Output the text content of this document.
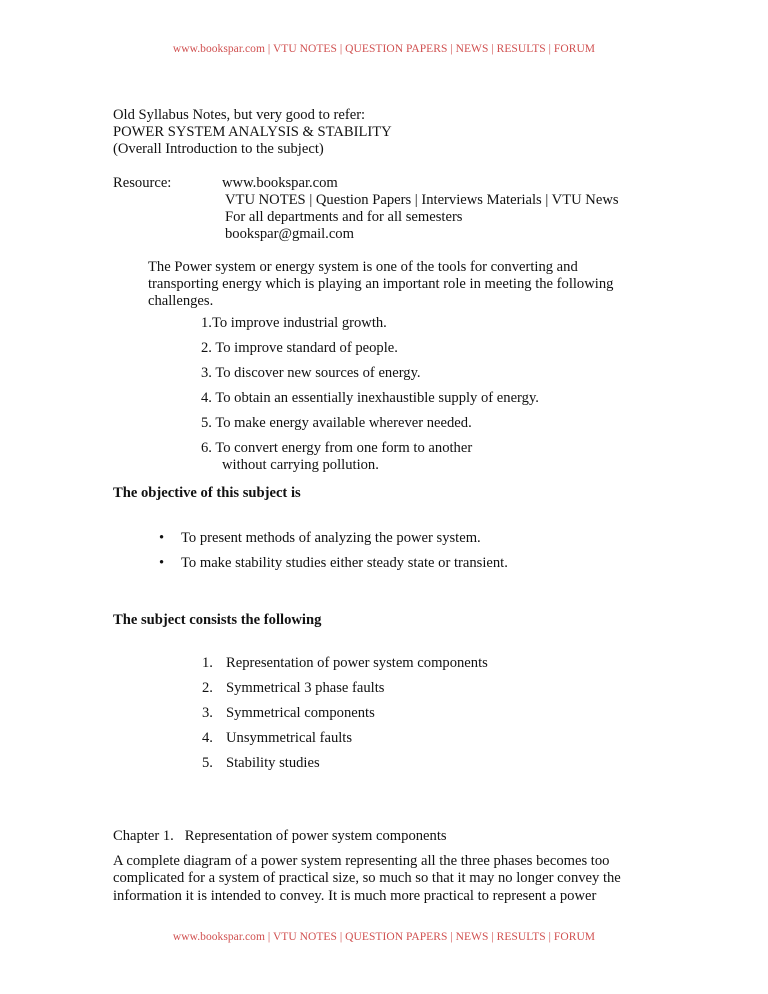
www.bookspar.com | VTU NOTES | QUESTION PAPERS | NEWS | RESULTS | FORUM
Old Syllabus Notes, but very good to refer:
POWER SYSTEM ANALYSIS & STABILITY
(Overall Introduction to the subject)
Resource:	www.bookspar.com
VTU NOTES | Question Papers | Interviews Materials | VTU News
For all departments and for all semesters
bookspar@gmail.com
The Power system or energy system is one of the tools for converting and transporting energy which is playing an important role in meeting the following challenges.
1.To improve industrial growth.
2. To improve standard of people.
3. To discover new sources of energy.
4. To obtain an essentially inexhaustible supply of energy.
5. To make energy available wherever needed.
6. To convert energy from one form to another
without carrying pollution.
The objective of this subject is
• To present methods of analyzing the power system.
• To make stability studies either steady state or transient.
The subject consists the following
1. Representation of power system components
2. Symmetrical 3 phase faults
3. Symmetrical components
4. Unsymmetrical faults
5. Stability studies
Chapter 1.   Representation of power system components
A complete diagram of a power system representing all the three phases becomes too complicated for a system of practical size, so much so that it may no longer convey the information it is intended to convey. It is much more practical to represent a power
www.bookspar.com | VTU NOTES | QUESTION PAPERS | NEWS | RESULTS | FORUM
